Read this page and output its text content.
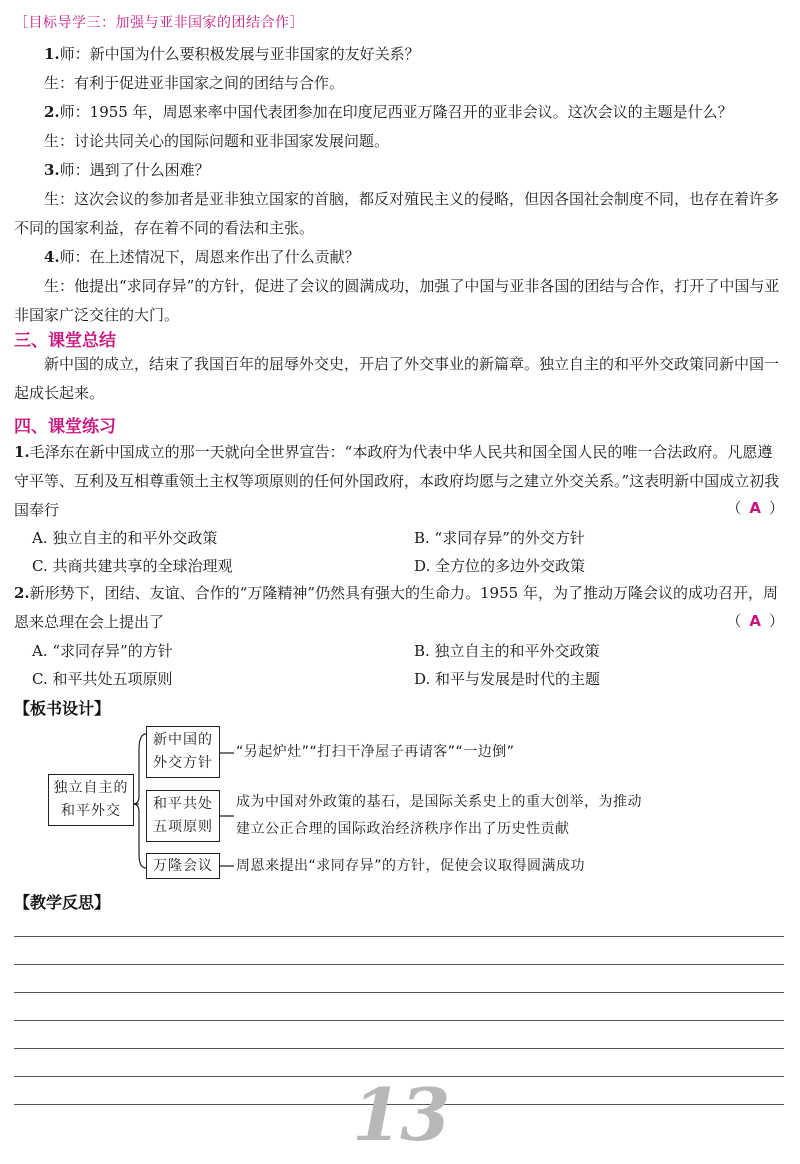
［目标导学三：加强与亚非国家的团结合作］

1.师：新中国为什么要积极发展与亚非国家的友好关系？

生：有利于促进亚非国家之间的团结与合作。

2.师：1955 年，周恩来率中国代表团参加在印度尼西亚万隆召开的亚非会议。这次会议的主题是什么？

生：讨论共同关心的国际问题和亚非国家发展问题。

3.师：遇到了什么困难？

生：这次会议的参加者是亚非独立国家的首脑，都反对殖民主义的侵略，但因各国社会制度不同，也存在着许多不同的国家利益，存在着不同的看法和主张。

4.师：在上述情况下，周恩来作出了什么贡献？

生：他提出“求同存异”的方针，促进了会议的圆满成功，加强了中国与亚非各国的团结与合作，打开了中国与亚非国家广泛交往的大门。

三、课堂总结

新中国的成立，结束了我国百年的屈辱外交史，开启了外交事业的新篇章。独立自主的和平外交政策同新中国一起成长起来。

四、课堂练习

1.毛泽东在新中国成立的那一天就向全世界宣告：“本政府为代表中华人民共和国全国人民的唯一合法政府。凡愿遵守平等、互利及互相尊重领土主权等项原则的任何外国政府，本政府均愿与之建立外交关系。”这表明新中国成立初我国奉行	（ A ）
A. 独立自主的和平外交政策	B. “求同存异”的外交方针
C. 共商共建共享的全球治理观	D. 全方位的多边外交政策

2.新形势下，团结、友谊、合作的“万隆精神”仍然具有强大的生命力。1955 年，为了推动万隆会议的成功召开，周恩来总理在会上提出了	（ A ）
A. “求同存异”的方针	B. 独立自主的和平外交政策
C. 和平共处五项原则	D. 和平与发展是时代的主题
【板书设计】
独立自主的
和平外交
新中国的
外交方针
“另起炉灶”“打扫干净屋子再请客”“一边倒”
和平共处
五项原则
成为中国对外政策的基石，是国际关系史上的重大创举，为推动
建立公正合理的国际政治经济秩序作出了历史性贡献
万隆会议 周恩来提出“求同存异”的方针，促使会议取得圆满成功
【教学反思】
13
